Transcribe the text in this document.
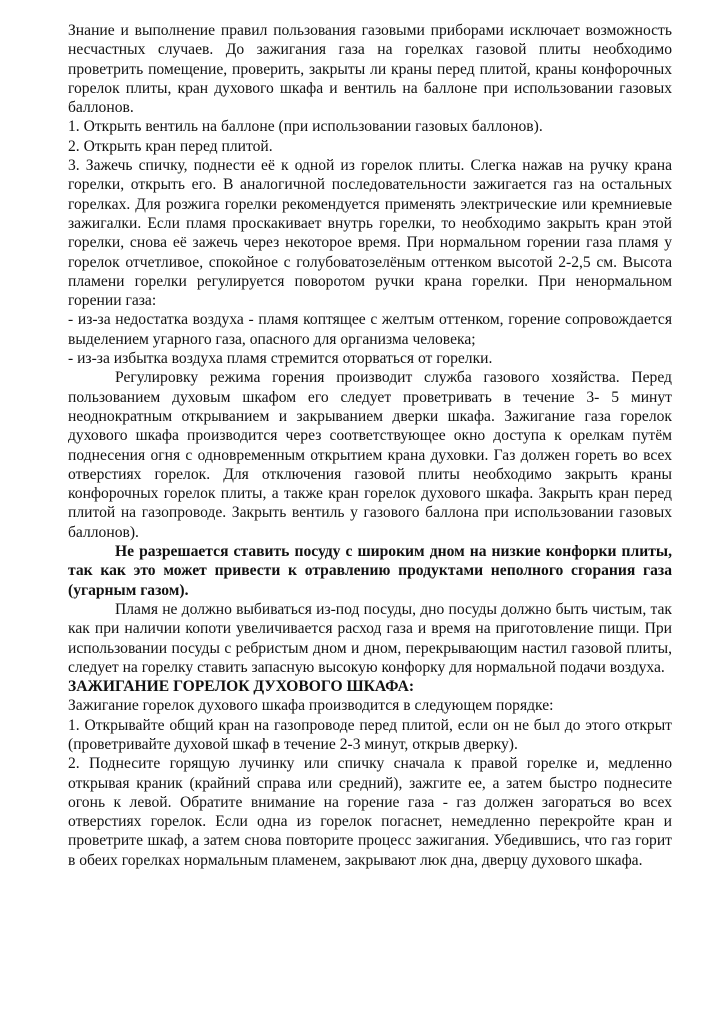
Знание и выполнение правил пользования газовыми приборами исключает возможность несчастных случаев. До зажигания газа на горелках газовой плиты необходимо проветрить помещение, проверить, закрыты ли краны перед плитой, краны конфорочных горелок плиты, кран духового шкафа и вентиль на баллоне при использовании газовых баллонов.

1. Открыть вентиль на баллоне (при использовании газовых баллонов).

2. Открыть кран перед плитой.

3. Зажечь спичку, поднести её к одной из горелок плиты. Слегка нажав на ручку крана горелки, открыть его. В аналогичной последовательности зажигается газ на остальных горелках. Для розжига горелки рекомендуется применять электрические или кремниевые зажигалки. Если пламя проскакивает внутрь горелки, то необходимо закрыть кран этой горелки, снова её зажечь через некоторое время. При нормальном горении газа пламя у горелок отчетливое, спокойное с голубоватозелёным оттенком высотой 2-2,5 см. Высота пламени горелки регулируется поворотом ручки крана горелки. При ненормальном горении газа:

- из-за недостатка воздуха - пламя коптящее с желтым оттенком, горение сопровождается выделением угарного газа, опасного для организма человека;

- из-за избытка воздуха пламя стремится оторваться от горелки.

Регулировку режима горения производит служба газового хозяйства. Перед пользованием духовым шкафом его следует проветривать в течение 3- 5 минут неоднократным открыванием и закрыванием дверки шкафа. Зажигание газа горелок духового шкафа производится через соответствующее окно доступа к орелкам путём поднесения огня с одновременным открытием крана духовки. Газ должен гореть во всех отверстиях горелок. Для отключения газовой плиты необходимо закрыть краны конфорочных горелок плиты, а также кран горелок духового шкафа. Закрыть кран перед плитой на газопроводе. Закрыть вентиль у газового баллона при использовании газовых баллонов).

Не разрешается ставить посуду с широким дном на низкие конфорки плиты, так как это может привести к отравлению продуктами неполного сгорания газа (угарным газом).

Пламя не должно выбиваться из-под посуды, дно посуды должно быть чистым, так как при наличии копоти увеличивается расход газа и время на приготовление пищи. При использовании посуды с ребристым дном и дном, перекрывающим настил газовой плиты, следует на горелку ставить запасную высокую конфорку для нормальной подачи воздуха.

ЗАЖИГАНИЕ ГОРЕЛОК ДУХОВОГО ШКАФА:

Зажигание горелок духового шкафа производится в следующем порядке:

1. Открывайте общий кран на газопроводе перед плитой, если он не был до этого открыт (проветривайте духовой шкаф в течение 2-3 минут, открыв дверку).

2. Поднесите горящую лучинку или спичку сначала к правой горелке и, медленно открывая краник (крайний справа или средний), зажгите ее, а затем быстро поднесите огонь к левой. Обратите внимание на горение газа - газ должен загораться во всех отверстиях горелок. Если одна из горелок погаснет, немедленно перекройте кран и проветрите шкаф, а затем снова повторите процесс зажигания. Убедившись, что газ горит в обеих горелках нормальным пламенем, закрывают люк дна, дверцу духового шкафа.
